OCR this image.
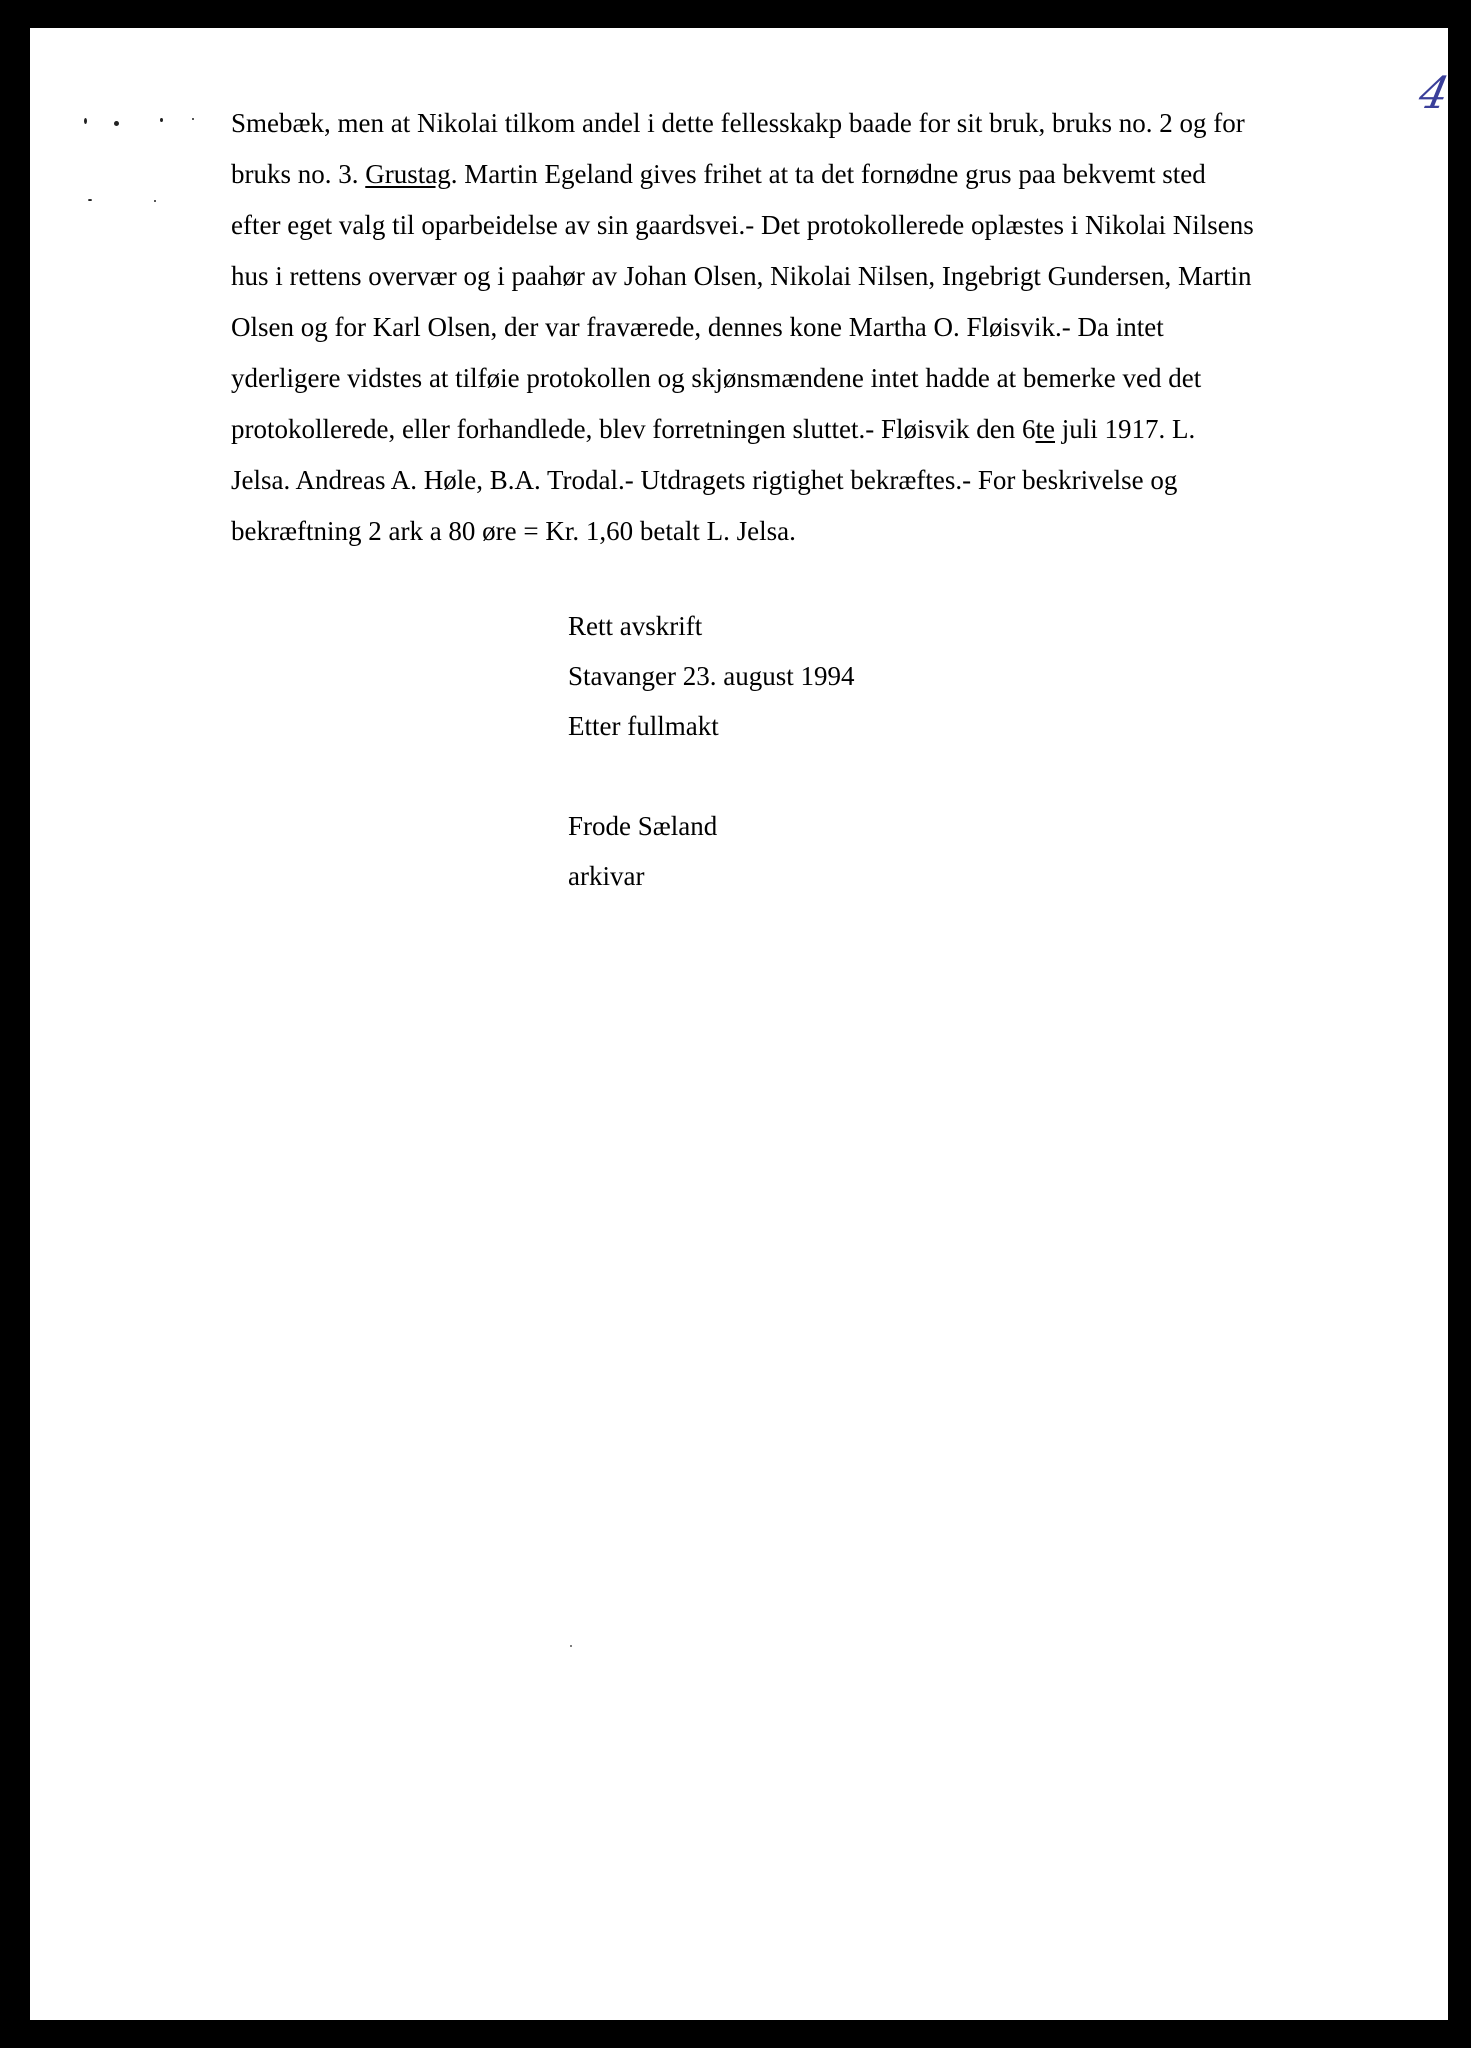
4
Smebæk, men at Nikolai tilkom andel i dette fellesskakp baade for sit bruk, bruks no. 2 og for
bruks no. 3. Grustag. Martin Egeland gives frihet at ta det fornødne grus paa bekvemt sted
efter eget valg til oparbeidelse av sin gaardsvei.- Det protokollerede oplæstes i Nikolai Nilsens
hus i rettens overvær og i paahør av Johan Olsen, Nikolai Nilsen, Ingebrigt Gundersen, Martin
Olsen og for Karl Olsen, der var fraværede, dennes kone Martha O. Fløisvik.- Da intet
yderligere vidstes at tilføie protokollen og skjønsmændene intet hadde at bemerke ved det
protokollerede, eller forhandlede, blev forretningen sluttet.- Fløisvik den 6te juli 1917. L.
Jelsa. Andreas A. Høle, B.A. Trodal.- Utdragets rigtighet bekræftes.- For beskrivelse og
bekræftning 2 ark a 80 øre = Kr. 1,60 betalt L. Jelsa.
Rett avskrift
Stavanger 23. august 1994
Etter fullmakt
Frode Sæland
arkivar
